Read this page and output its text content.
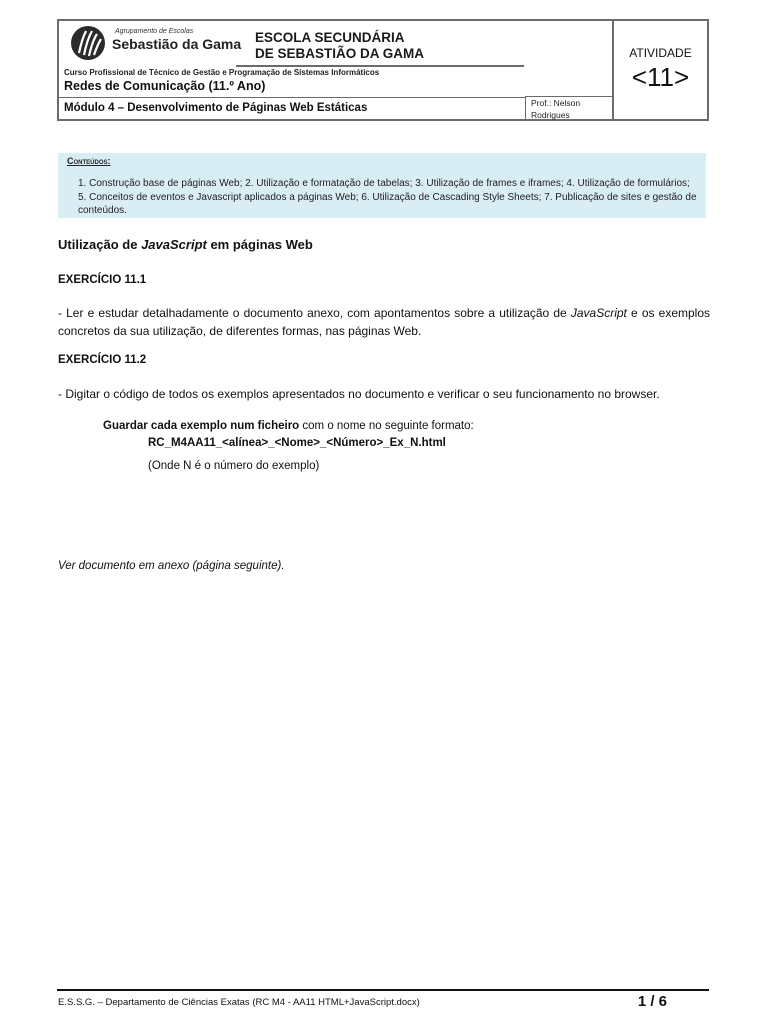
Agrupamento de Escolas
Sebastião da Gama ESCOLA SECUNDÁRIA
DE SEBASTIÃO DA GAMA
Curso Profissional de Técnico de Gestão e Programação de Sistemas Informáticos
Redes de Comunicação (11.º Ano)
Módulo 4 – Desenvolvimento de Páginas Web Estáticas	Prof.: Nelson Rodrigues
ATIVIDADE
<11>
Conteúdos:
1. Construção base de páginas Web; 2. Utilização e formatação de tabelas; 3. Utilização de frames e iframes; 4. Utilização de formulários; 5. Conceitos de eventos e Javascript aplicados a páginas Web; 6. Utilização de Cascading Style Sheets; 7. Publicação de sites e gestão de conteúdos.
Utilização de JavaScript em páginas Web
EXERCÍCIO 11.1
- Ler e estudar detalhadamente o documento anexo, com apontamentos sobre a utilização de JavaScript e os exemplos concretos da sua utilização, de diferentes formas, nas páginas Web.
EXERCÍCIO 11.2
- Digitar o código de todos os exemplos apresentados no documento e verificar o seu funcionamento no browser.
Guardar cada exemplo num ficheiro com o nome no seguinte formato:
RC_M4AA11_<alínea>_<Nome>_<Número>_Ex_N.html
(Onde N é o número do exemplo)
Ver documento em anexo (página seguinte).
E.S.S.G. – Departamento de Ciências Exatas (RC M4 - AA11 HTML+JavaScript.docx)	1 / 6
